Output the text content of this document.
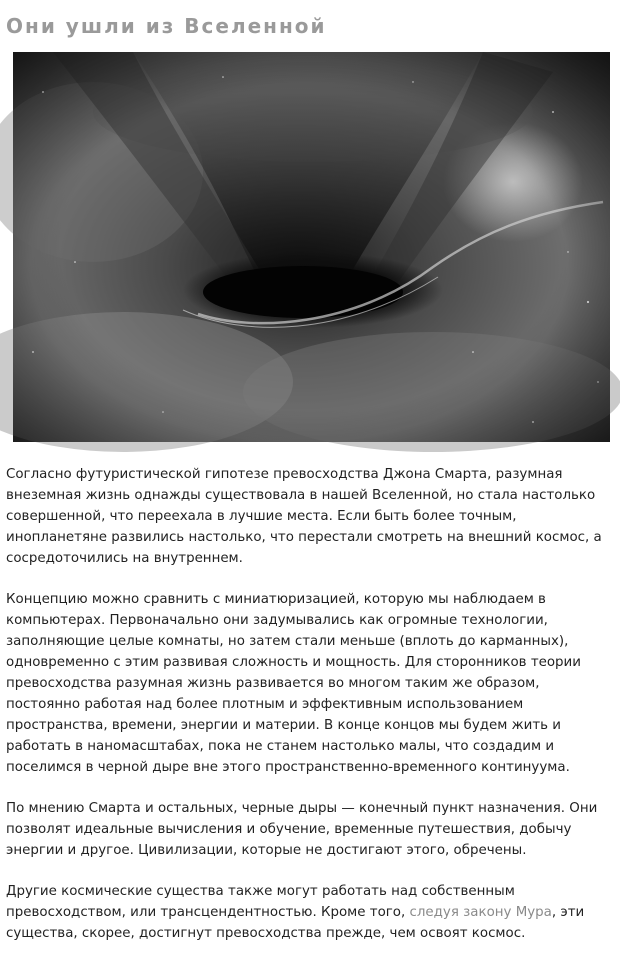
Они ушли из Вселенной

Согласно футуристической гипотезе превосходства Джона Смарта, разумная внеземная жизнь однажды существовала в нашей Вселенной, но стала настолько совершенной, что переехала в лучшие места. Если быть более точным, инопланетяне развились настолько, что перестали смотреть на внешний космос, а сосредоточились на внутреннем.

Концепцию можно сравнить с миниатюризацией, которую мы наблюдаем в компьютерах. Первоначально они задумывались как огромные технологии, заполняющие целые комнаты, но затем стали меньше (вплоть до карманных), одновременно с этим развивая сложность и мощность. Для сторонников теории превосходства разумная жизнь развивается во многом таким же образом, постоянно работая над более плотным и эффективным использованием пространства, времени, энергии и материи. В конце концов мы будем жить и работать в наномасштабах, пока не станем настолько малы, что создадим и поселимся в черной дыре вне этого пространственно-временного континуума.

По мнению Смарта и остальных, черные дыры — конечный пункт назначения. Они позволят идеальные вычисления и обучение, временные путешествия, добычу энергии и другое. Цивилизации, которые не достигают этого, обречены.

Другие космические существа также могут работать над собственным превосходством, или трансцендентностью. Кроме того, следуя закону Мура, эти существа, скорее, достигнут превосходства прежде, чем освоят космос.
